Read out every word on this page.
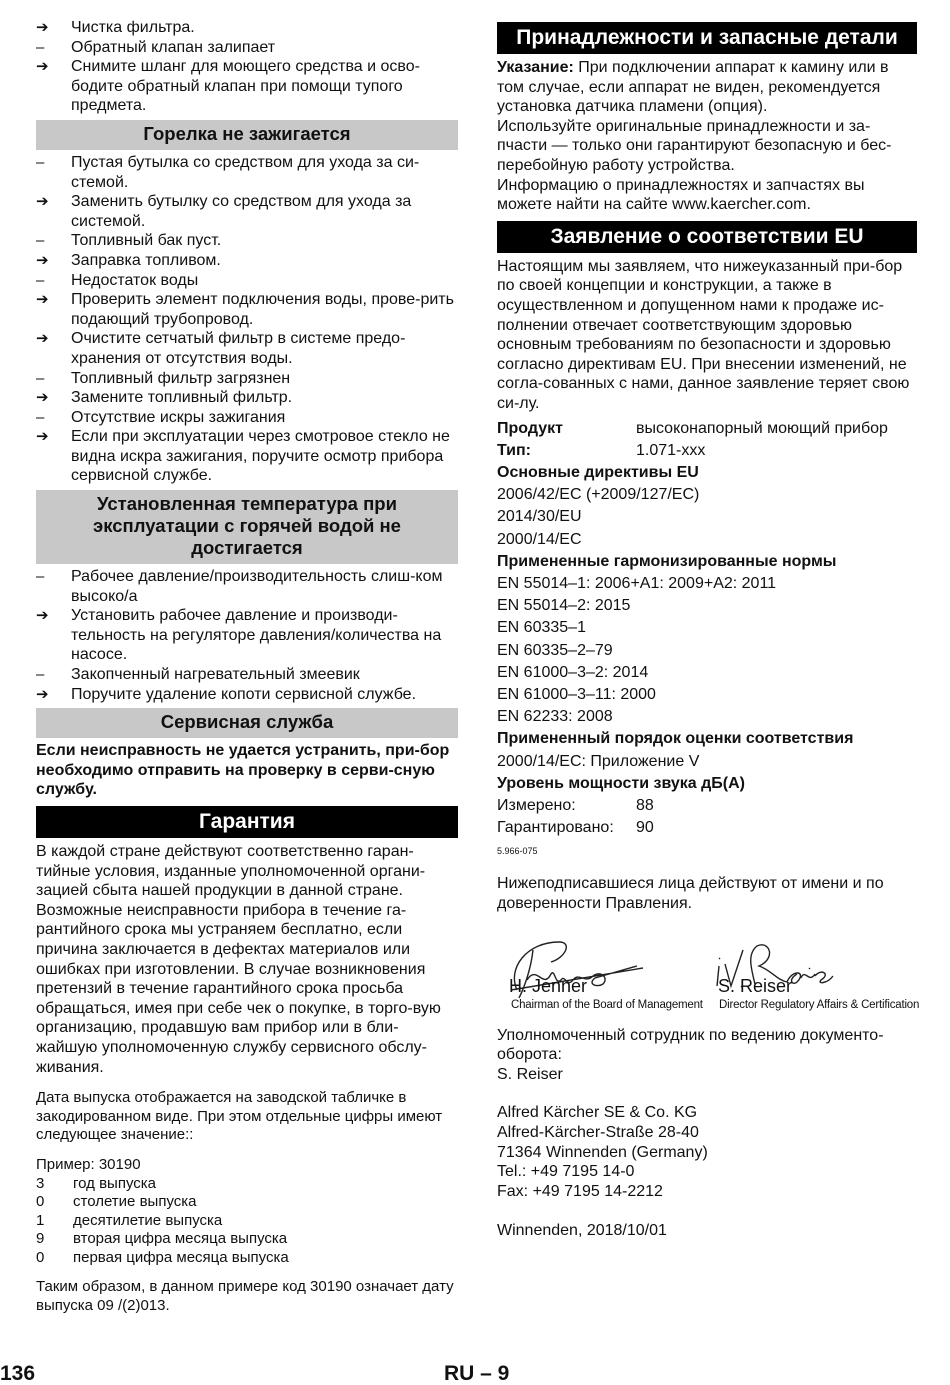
➔	Чистка фильтра.
–	Обратный клапан залипает
➔	Снимите шланг для моющего средства и осво-бодите обратный клапан при помощи тупого предмета.
Горелка не зажигается
–	Пустая бутылка со средством для ухода за си-стемой.
➔	Заменить бутылку со средством для ухода за системой.
–	Топливный бак пуст.
➔	Заправка топливом.
–	Недостаток воды
➔	Проверить элемент подключения воды, прове-рить подающий трубопровод.
➔	Очистите сетчатый фильтр в системе предо-хранения от отсутствия воды.
–	Топливный фильтр загрязнен
➔	Замените топливный фильтр.
–	Отсутствие искры зажигания
➔	Если при эксплуатации через смотровое стекло не видна искра зажигания, поручите осмотр прибора сервисной службе.
Установленная температура при эксплуатации с горячей водой не достигается
–	Рабочее давление/производительность слиш-ком высоко/а
➔	Установить рабочее давление и производи-тельность на регуляторе давления/количества на насосе.
–	Закопченный нагревательный змеевик
➔	Поручите удаление копоти сервисной службе.
Сервисная служба

Если неисправность не удается устранить, при-бор необходимо отправить на проверку в серви-сную службу.

Гарантия

В каждой стране действуют соответственно гаран-тийные условия, изданные уполномоченной органи-зацией сбыта нашей продукции в данной стране. Возможные неисправности прибора в течение га-рантийного срока мы устраняем бесплатно, если причина заключается в дефектах материалов или ошибках при изготовлении. В случае возникновения претензий в течение гарантийного срока просьба обращаться, имея при себе чек о покупке, в торго-вую организацию, продавшую вам прибор или в бли-жайшую уполномоченную службу сервисного обслу-живания.

Дата выпуска отображается на заводской табличке в закодированном виде. При этом отдельные цифры имеют следующее значение::

Пример: 30190
3	год выпуска
0	столетие выпуска
1	десятилетие выпуска
9	вторая цифра месяца выпуска
0	первая цифра месяца выпуска

Таким образом, в данном примере код 30190 означает дату выпуска 09 /(2)013.

Принадлежности и запасные детали

Указание: При подключении аппарат к камину или в том случае, если аппарат не виден, рекомендуется установка датчика пламени (опция).

Используйте оригинальные принадлежности и за-пчасти — только они гарантируют безопасную и бес-перебойную работу устройства.

Информацию о принадлежностях и запчастях вы можете найти на сайте www.kaercher.com.

Заявление о соответствии EU

Настоящим мы заявляем, что нижеуказанный при-бор по своей концепции и конструкции, а также в осуществленном и допущенном нами к продаже ис-полнении отвечает соответствующим здоровью основным требованиям по безопасности и здоровью согласно директивам EU. При внесении изменений, не согла-сованных с нами, данное заявление теряет свою си-лу.

Продукт	высоконапорный моющий прибор
Тип:	1.071-xxx
Основные директивы EU
2006/42/EC (+2009/127/EC)
2014/30/EU
2000/14/EC
Примененные гармонизированные нормы
EN 55014–1: 2006+A1: 2009+A2: 2011
EN 55014–2: 2015
EN 60335–1
EN 60335–2–79
EN 61000–3–2: 2014
EN 61000–3–11: 2000
EN 62233: 2008
Примененный порядок оценки соответствия
2000/14/EC: Приложение V
Уровень мощности звука дБ(A)
Измерено:	88
Гарантировано:	90
5.966-075

Нижеподписавшиеся лица действуют от имени и по доверенности Правления.

H. Jenner
Chairman of the Board of Management
S. Reiser
Director Regulatory Affairs & Certification

Уполномоченный сотрудник по ведению документо-оборота:

S. Reiser

Alfred Kärcher SE & Co. KG
Alfred-Kärcher-Straße 28-40
71364 Winnenden (Germany)
Tel.: +49 7195 14-0
Fax: +49 7195 14-2212

Winnenden, 2018/10/01

136	RU – 9
